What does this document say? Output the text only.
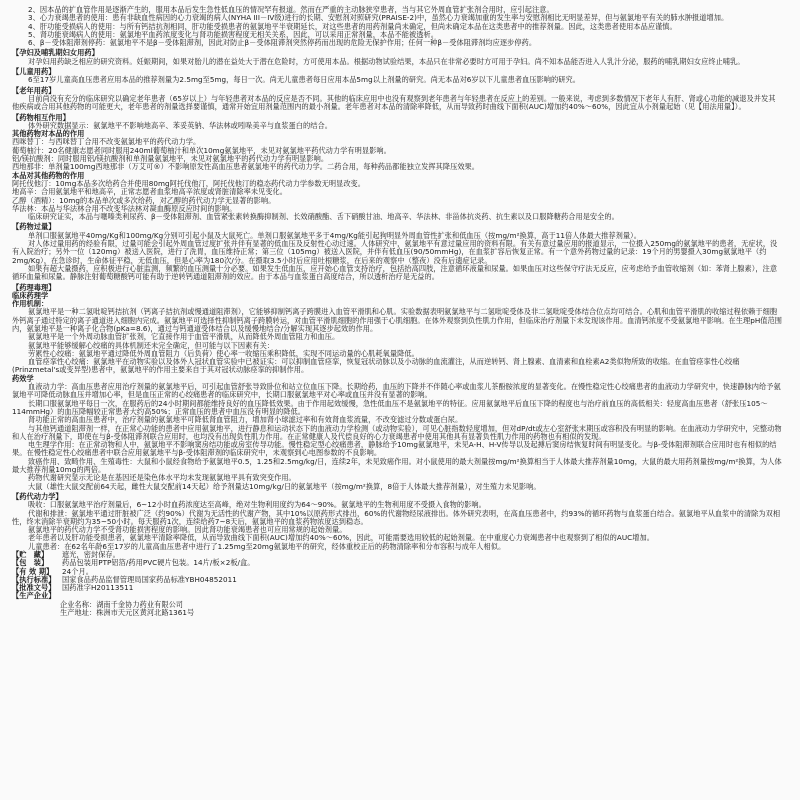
2、因本品的扩血管作用是逐渐产生的，服用本品后发生急性低血压的情况罕有报道。然而在严重的主动脉狭窄患者，当与其它外周血管扩张剂合用时，应引起注意。

3、心力衰竭患者的使用：患有非缺血性病因的心力衰竭的病人(NYHA III－IV级)进行的长期、安慰剂对照研究(PRAISE-2)中，虽然心力衰竭加重的发生率与安慰剂相比无明显差异，但与氨氯地平有关的肺水肿报道增加。

4、肝功能受损病人的使用：与所有钙拮抗剂相同，肝功能受损患者的氨氯地平半衰期延长，对这些患者的用药剂量尚未确定，但尚未确定本品在这类患者中的推荐剂量。因此，这类患者使用本品应谨慎。

5、肾功能衰竭病人的使用：氨氯地平血药浓度变化与肾功能损害程度无相关关系，因此，可以采用正常剂量，本品不能被透析。

6、β－受体阻滞剂停药：氨氯地平不是β－受体阻滞剂，因此对防止β－受体阻滞剂突然停药而出现的危险无保护作用；任何一种β－受体阻滞剂均应逐步停药。

【孕妇及哺乳期妇女用药】

对孕妇用药缺乏相应的研究资料。妊娠期间，如果对胎儿的潜在益处大于潜在危险时，方可使用本品。根据动物试验结果，本品只在非常必要时方可用于孕妇。尚不知本品能否进入人乳汁分泌，服药的哺乳期妇女应终止哺乳。

【儿童用药】

6至17岁儿童高血压患者应用本品的推荐剂量为2.5mg至5mg，每日一次。尚无儿童患者每日应用本品5mg以上剂量的研究。尚无本品对6岁以下儿童患者血压影响的研究。

【老年用药】

目前尚没有充分的临床研究以确定老年患者（65岁以上）与年轻患者对本品的反应是否不同。其他的临床应用中也没有观察到老年患者与年轻患者在反应上的差别。一般来说，考虑到多数情况下老年人有肝、肾或心功能的减退及并发其他疾病或合用其他药物的可能更大，老年患者的剂量选择要谨慎，通常开始宜用剂量范围内的最小剂量。老年患者对本品的清除率降低，从而导致药时曲线下面积(AUC)增加约40%～60%，因此宜从小剂量起始（见【用法用量】）。

【药物相互作用】

体外研究数据显示：氨氯地平不影响地高辛、苯妥英钠、华法林或吲哚美辛与血浆蛋白的结合。

其他药物对本品的作用

西咪替丁：与西咪替丁合用不改变氨氯地平的药代动力学。

葡萄柚汁：20名健康志愿者同时服用240ml葡萄柚汁和单次10mg氨氯地平，未见对氨氯地平药代动力学有明显影响。

铝/镁抗酸剂：同时服用铝/镁抗酸剂和单剂量氨氯地平，未见对氨氯地平的药代动力学有明显影响。

西地那非：单剂量100mg西地那非（万艾可®）不影响原发性高血压患者氨氯地平的药代动力学。二药合用，每种药品都能独立发挥其降压效果。

本品对其他药物的作用

阿托伐他汀：10mg本品多次给药合并使用80mg阿托伐他汀，阿托伐他汀的稳态药代动力学参数无明显改变。

地高辛：合用氨氯地平和地高辛，正常志愿者血浆地高辛浓度或肾脏清除率未见变化。

乙醇（酒精）：10mg的本品单次或多次给药，对乙醇的药代动力学无显著的影响。

华法林：本品与华法林合用不改变华法林对凝血酶原反应时间的影响。

临床研究证实，本品与噻嗪类利尿药、β－受体阻滞剂、血管紧张素转换酶抑制剂、长效硝酸酯、舌下硝酸甘油、地高辛、华法林、非甾体抗炎药、抗生素以及口服降糖药合用是安全的。

【药物过量】

单剂口服氨氯地平40mg/Kg和100mg/Kg分别可引起小鼠及大鼠死亡。单剂口服氨氯地平多于4mg/Kg能引起狗明显外周血管性扩张和低血压（按mg/m²换算，高于11倍人体最大推荐剂量）。

对人体过量用药的经验有限，过量可能会引起外周血管过度扩张并伴有显著的低血压及反射性心动过速。人体研究中，氨氯地平有意过量应用的资料有限。有关有意过量应用的报道显示，一位摄入250mg的氨氯地平的患者，无症状，没有入院治疗；另外一位（120mg）被送入医院，进行了洗胃，血压维持正常；第三位（105mg）被送入医院，并伴有低血压(90/50mmHg)，在血浆扩容后恢复正常。有一个意外药物过量的记录：19个月的男婴摄入30mg氨氯地平（约2mg/Kg），在急诊时，生命体征平稳，无低血压，但是心率为180次/分。在摄取3.5小时后应用吐根糖浆，在后来的观察中（整夜）没有后遗症记录。

如果有超大量摄药，应积极进行心脏监测，频繁的血压测量十分必要。如果发生低血压，应开始心血管支持治疗，包括抬高四肢，注意循环液量和尿量。如果血压对这些保守疗法无反应，应考虑给予血管收缩剂（如：苯肾上腺素），注意循环血量和尿量。静脉注射葡萄糖酸钙可能有助于逆转钙通道阻滞剂的效应。由于本品与血浆蛋白高度结合，所以透析治疗是无益的。

【药理毒理】

临床药理学

作用机制：

氨氯地平是一种二氢吡啶钙拮抗剂（钙离子拮抗剂或慢通道阻滞剂），它能够抑制钙离子跨膜进入血管平滑肌和心肌。实验数据表明氨氯地平与二氢吡啶受体及非二氢吡啶受体结合位点均可结合。心肌和血管平滑肌的收缩过程依赖于细胞外钙离子通过特定的离子通道进入细胞内完成。氨氯地平可选择性抑制钙离子跨膜转运，对血管平滑肌细胞的作用强于心肌细胞。在体外观察到负性肌力作用，但临床治疗剂量下未发现该作用。血清钙浓度不受氨氯地平影响。在生理pH值范围内，氨氯地平是一种离子化合物(pKa=8.6)，通过与钙通道受体结合以及缓慢地结合/分解实现其逐步起效的作用。

氨氯地平是一个外周动脉血管扩张剂，它直接作用于血管平滑肌，从而降低外周血管阻力和血压。

氨氯地平能够缓解心绞痛的具体机制还未完全确定，但可能与以下因素有关：

劳累性心绞痛：氨氯地平通过降低外周血管阻力（后负荷）使心率一收缩压乘积降低，实现不同运动量的心肌耗氧量降低。

血管痉挛性心绞痛：氨氯地平在动物实验以及体外人冠状血管实验中已被证实：可以抑制血管痉挛，恢复冠状动脉以及小动脉的血流灌注，从而逆转钙、肾上腺素、血清素和血栓素A2类似物所致的收缩。在血管痉挛性心绞痛(Prinzmetal's或变异型)患者中，氨氯地平的作用主要来自于其对冠状动脉痉挛的抑制作用。

药效学

血液动力学：高血压患者应用治疗剂量的氨氯地平后，可引起血管舒张导致卧位和站立位血压下降。长期给药，血压的下降并不伴随心率或血浆儿茶酚胺浓度的显著变化。在慢性稳定性心绞痛患者的血液动力学研究中，快速静脉内给予氨氯地平可降低动脉血压并增加心率，但是血压正常的心绞痛患者的临床研究中，长期口服氨氯地平对心率或血压并没有显著的影响。

长期口服氨氯地平每日一次，在服药后的24小时期间都能维持良好的血压降低效果。由于作用起效缓慢，急性低血压不是氨氯地平的特征。应用氨氯地平后血压下降的程度也与治疗前血压的高低相关：轻度高血压患者（舒张压105～114mmHg）的血压降幅较正常患者大约高50%；正常血压的患者中血压没有明显的降低。

肾功能正常的高血压患者中，治疗剂量的氨氯地平可降低肾血管阻力，增加肾小球滤过率和有效肾血浆流量，不改变滤过分数或蛋白尿。

与其他钙通道阻滞剂一样，在正常心功能的患者中应用氨氯地平，进行静息和运动状态下的血液动力学检测（或动物实验），可见心脏指数轻度增加，但对dP/dt或左心室舒张末期压或容积没有明显的影响。在血液动力学研究中，完整动物和人在治疗剂量下，即使在与β-受体阻滞剂联合应用时，也均没有出现负性肌力作用。在正常健康人及代偿良好的心力衰竭患者中使用其他具有显著负性肌力作用的药物也有相似的发现。

电生理学作用：在正常动物和人中，氨氯地平不影响窦房结功能或房室传导功能。慢性稳定型心绞痛患者，静脉给予10mg氨氯地平，未见A-H、H-V传导以及起搏后窦房结恢复时间有明显变化。与β-受体阻滞剂联合应用时也有相似的结果。在慢性稳定性心绞痛患者中联合应用氨氯地平与β-受体阻滞剂的临床研究中，未观察到心电图参数的不良影响。

致癌作用、致畸作用、生殖毒性：大鼠和小鼠经食物给予氨氯地平0.5，1.25和2.5mg/kg/日，连续2年，未见致癌作用。对小鼠使用的最大剂量按mg/m²换算相当于人体最大推荐剂量10mg，大鼠的最大用药剂量按mg/m²换算，为人体最大推荐剂量10mg的两倍。

药物代谢研究显示无论是在基因还是染色体水平均未发现氨氯地平具有致突变作用。

大鼠（雄性大鼠交配前64天起，雌性大鼠交配前14天起）给予剂量达10mg/kg/日的氨氯地平（按mg/m²换算，8倍于人体最大推荐剂量），对生殖力未见影响。

【药代动力学】

吸收：口服氨氯地平治疗剂量后，6~12小时血药浓度达至高峰，绝对生物利用度约为64～90%。氨氯地平的生物利用度不受摄入食物的影响。

代谢和排泄：氨氯地平通过肝脏被广泛（约90%）代谢为无活性的代谢产物，其中10%以原药形式排出，60%的代谢物经尿液排出。体外研究表明，在高血压患者中，约93%的循环药物与血浆蛋白结合。氨氯地平从血浆中的清除为双相性，终末消除半衰期约为35~50小时。每天服药1次，连续给药7~8天后，氨氯地平的血浆药物浓度达到稳态。

氨氯地平的药代动力学不受肾功能损害程度的影响。因此肾功能衰竭患者也可应用常规的起始剂量。

老年患者以及肝功能受损患者，氨氯地平清除率降低，从而导致曲线下面积(AUC)增加约40%～60%，因此，可能需要选用较低的起始剂量。在中重度心力衰竭患者中也观察到了相似的AUC增加。

儿童患者：在62名年龄6至17岁的儿童高血压患者中进行了1.25mg至20mg氨氯地平的研究，经体重校正后的药物清除率和分布容积与成年人相似。

【贮　藏】	遮光，密封保存。
【包　装】	药品包装用PTP铝箔/药用PVC硬片包装。14片/板×2板/盒。
【有 效 期】	24个月。
【执行标准】 国家食品药品监督管理局国家药品标准YBH04852011
【批准文号】 国药准字H20113511
【生产企业】

企业名称：湖南千金协力药业有限公司

生产地址：株洲市天元区黄河北路1361号
